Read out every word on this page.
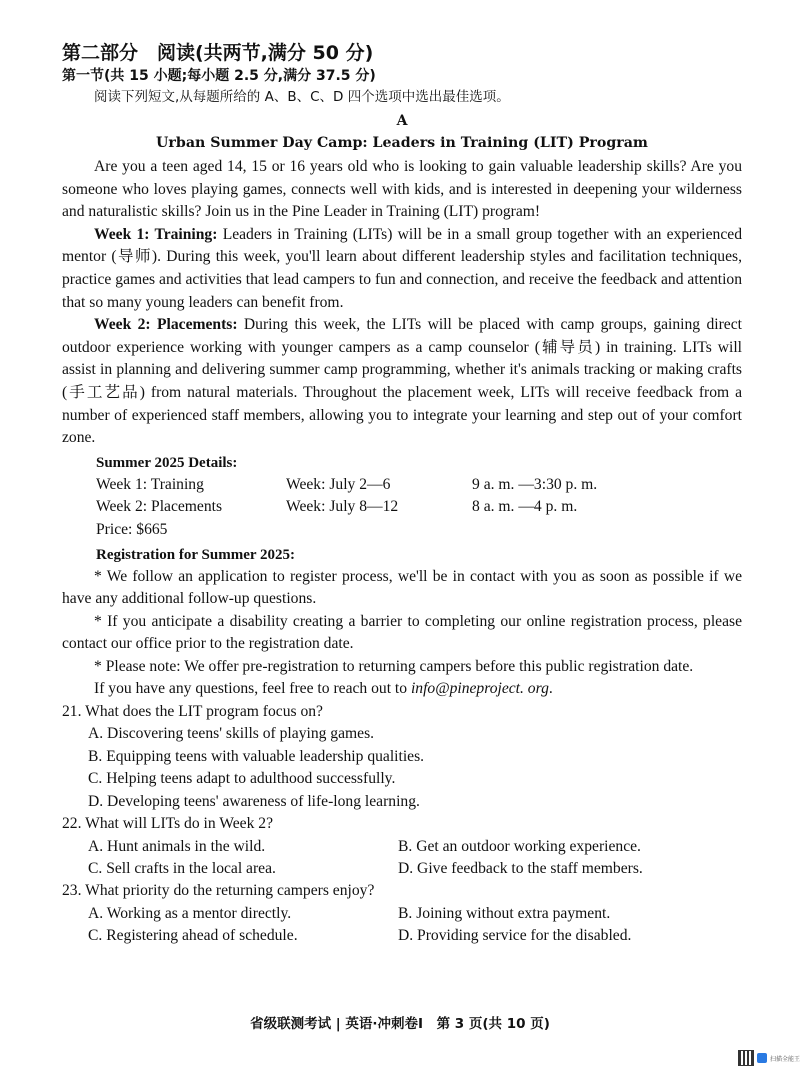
第二部分　阅读(共两节,满分 50 分)

第一节(共 15 小题;每小题 2.5 分,满分 37.5 分)

阅读下列短文,从每题所给的 A、B、C、D 四个选项中选出最佳选项。

A

Urban Summer Day Camp: Leaders in Training (LIT) Program

Are you a teen aged 14, 15 or 16 years old who is looking to gain valuable leadership skills? Are you someone who loves playing games, connects well with kids, and is interested in deepening your wilderness and naturalistic skills? Join us in the Pine Leader in Training (LIT) program!

Week 1: Training: Leaders in Training (LITs) will be in a small group together with an experienced mentor (导师). During this week, you'll learn about different leadership styles and facilitation techniques, practice games and activities that lead campers to fun and connection, and receive the feedback and attention that so many young leaders can benefit from.

Week 2: Placements: During this week, the LITs will be placed with camp groups, gaining direct outdoor experience working with younger campers as a camp counselor (辅导员) in training. LITs will assist in planning and delivering summer camp programming, whether it's animals tracking or making crafts (手工艺品) from natural materials. Throughout the placement week, LITs will receive feedback from a number of experienced staff members, allowing you to integrate your learning and step out of your comfort zone.

Summer 2025 Details:
Week 1: Training	Week: July 2—6	9 a. m. —3:30 p. m.
Week 2: Placements	Week: July 8—12	8 a. m. —4 p. m.
Price: $665
Registration for Summer 2025:

* We follow an application to register process, we'll be in contact with you as soon as possible if we have any additional follow-up questions.

* If you anticipate a disability creating a barrier to completing our online registration process, please contact our office prior to the registration date.

* Please note: We offer pre-registration to returning campers before this public registration date.

If you have any questions, feel free to reach out to info@pineproject. org.

21. What does the LIT program focus on?

A. Discovering teens' skills of playing games.
B. Equipping teens with valuable leadership qualities.
C. Helping teens adapt to adulthood successfully.
D. Developing teens' awareness of life-long learning.

22. What will LITs do in Week 2?

A. Hunt animals in the wild.	B. Get an outdoor working experience.
C. Sell crafts in the local area.	D. Give feedback to the staff members.

23. What priority do the returning campers enjoy?

A. Working as a mentor directly.	B. Joining without extra payment.
C. Registering ahead of schedule.	D. Providing service for the disabled.
省级联测考试 | 英语·冲刺卷Ⅰ　第 3 页(共 10 页)
扫描全能王
